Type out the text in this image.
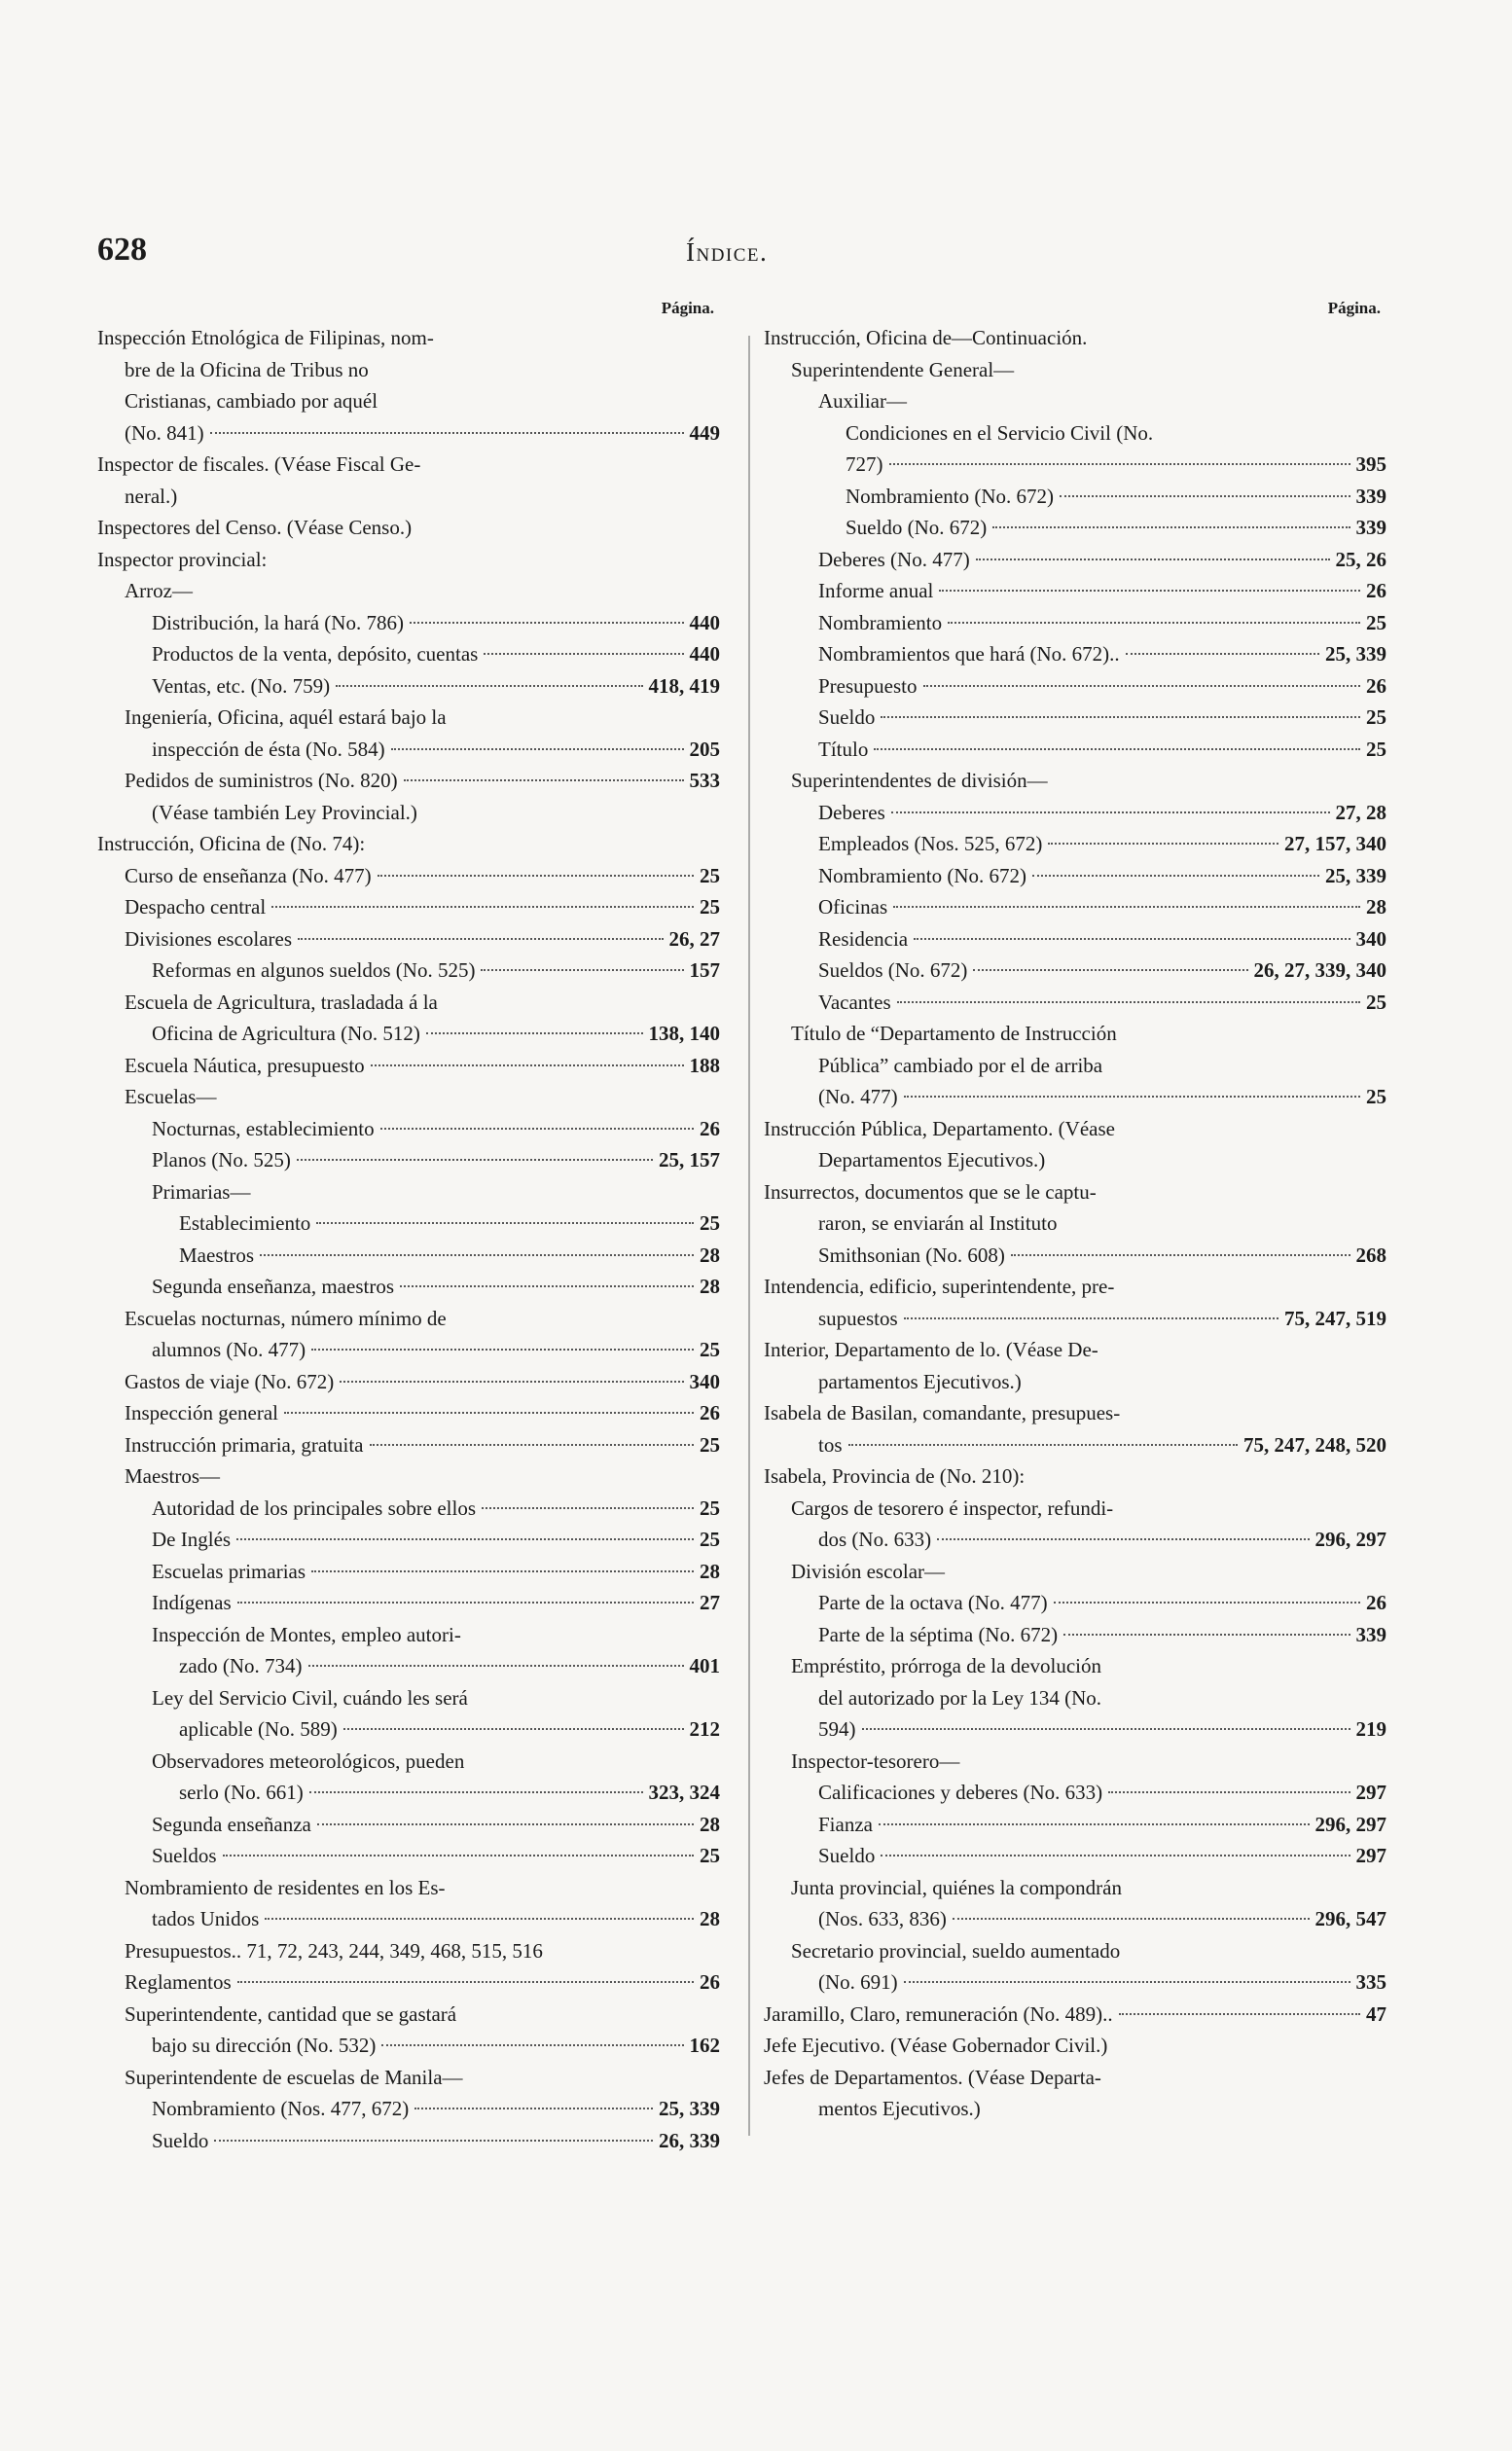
628	Índice.
Página.
Inspección Etnológica de Filipinas, nom-
bre de la Oficina de Tribus no
Cristianas, cambiado por aquél
(No. 841)	449
Inspector de fiscales. (Véase Fiscal Ge-
neral.)
Inspectores del Censo. (Véase Censo.)
Inspector provincial:
Arroz—
Distribución, la hará (No. 786)	440
Productos de la venta, depósito, cuentas	440
Ventas, etc. (No. 759)	418, 419
Ingeniería, Oficina, aquél estará bajo la
inspección de ésta (No. 584)	205
Pedidos de suministros (No. 820)	533
(Véase también Ley Provincial.)
Instrucción, Oficina de (No. 74):
Curso de enseñanza (No. 477)	25
Despacho central	25
Divisiones escolares	26, 27
Reformas en algunos sueldos (No. 525)	157
Escuela de Agricultura, trasladada á la
Oficina de Agricultura (No. 512)	138, 140
Escuela Náutica, presupuesto	188
Escuelas—
Nocturnas, establecimiento	26
Planos (No. 525)	25, 157
Primarias—
Establecimiento	25
Maestros	28
Segunda enseñanza, maestros	28
Escuelas nocturnas, número mínimo de
alumnos (No. 477)	25
Gastos de viaje (No. 672)	340
Inspección general	26
Instrucción primaria, gratuita	25
Maestros—
Autoridad de los principales sobre ellos	25
De Inglés	25
Escuelas primarias	28
Indígenas	27
Inspección de Montes, empleo autori-
zado (No. 734)	401
Ley del Servicio Civil, cuándo les será
aplicable (No. 589)	212
Observadores meteorológicos, pueden
serlo (No. 661)	323, 324
Segunda enseñanza	28
Sueldos	25
Nombramiento de residentes en los Es-
tados Unidos	28
Presupuestos.. 71, 72, 243, 244, 349, 468, 515, 516
Reglamentos	26
Superintendente, cantidad que se gastará
bajo su dirección (No. 532)	162
Superintendente de escuelas de Manila—
Nombramiento (Nos. 477, 672)	25, 339
Sueldo	26, 339
Página.
Instrucción, Oficina de—Continuación.
Superintendente General—
Auxiliar—
Condiciones en el Servicio Civil (No.
727)	395
Nombramiento (No. 672)	339
Sueldo (No. 672)	339
Deberes (No. 477)	25, 26
Informe anual	26
Nombramiento	25
Nombramientos que hará (No. 672)..	25, 339
Presupuesto	26
Sueldo	25
Título	25
Superintendentes de división—
Deberes	27, 28
Empleados (Nos. 525, 672)	27, 157, 340
Nombramiento (No. 672)	25, 339
Oficinas	28
Residencia	340
Sueldos (No. 672)	26, 27, 339, 340
Vacantes	25
Título de “Departamento de Instrucción
Pública” cambiado por el de arriba
(No. 477)	25
Instrucción Pública, Departamento. (Véase
Departamentos Ejecutivos.)
Insurrectos, documentos que se le captu-
raron, se enviarán al Instituto
Smithsonian (No. 608)	268
Intendencia, edificio, superintendente, pre-
supuestos	75, 247, 519
Interior, Departamento de lo. (Véase De-
partamentos Ejecutivos.)
Isabela de Basilan, comandante, presupues-
tos	75, 247, 248, 520
Isabela, Provincia de (No. 210):
Cargos de tesorero é inspector, refundi-
dos (No. 633)	296, 297
División escolar—
Parte de la octava (No. 477)	26
Parte de la séptima (No. 672)	339
Empréstito, prórroga de la devolución
del autorizado por la Ley 134 (No.
594)	219
Inspector-tesorero—
Calificaciones y deberes (No. 633)	297
Fianza	296, 297
Sueldo	297
Junta provincial, quiénes la compondrán
(Nos. 633, 836)	296, 547
Secretario provincial, sueldo aumentado
(No. 691)	335
Jaramillo, Claro, remuneración (No. 489)..	47
Jefe Ejecutivo. (Véase Gobernador Civil.)
Jefes de Departamentos. (Véase Departa-
mentos Ejecutivos.)
